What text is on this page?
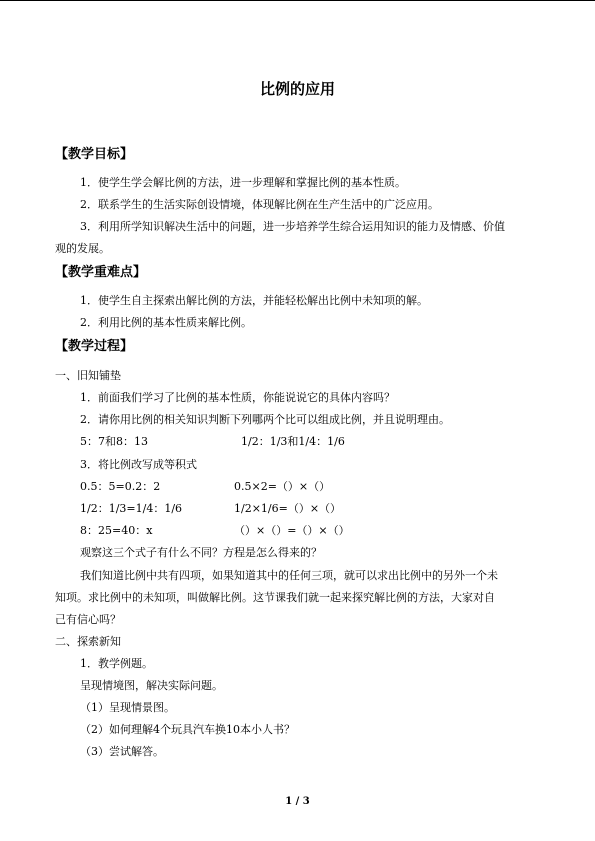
比例的应用
【教学目标】
1．使学生学会解比例的方法，进一步理解和掌握比例的基本性质。
2．联系学生的生活实际创设情境，体现解比例在生产生活中的广泛应用。
3．利用所学知识解决生活中的问题，进一步培养学生综合运用知识的能力及情感、价值
观的发展。
【教学重难点】
1．使学生自主探索出解比例的方法，并能轻松解出比例中未知项的解。
2．利用比例的基本性质来解比例。
【教学过程】
一、旧知铺垫
1．前面我们学习了比例的基本性质，你能说说它的具体内容吗？
2．请你用比例的相关知识判断下列哪两个比可以组成比例，并且说明理由。
5：7和8：13	1/2：1/3和1/4：1/6
3．将比例改写成等积式
0.5：5=0.2：2	0.5×2=（）×（）
1/2：1/3=1/4：1/6	1/2×1/6=（）×（）
8：25=40：x	（）×（）=（）×（）
观察这三个式子有什么不同？方程是怎么得来的？
我们知道比例中共有四项，如果知道其中的任何三项，就可以求出比例中的另外一个未
知项。求比例中的未知项，叫做解比例。这节课我们就一起来探究解比例的方法，大家对自
己有信心吗？
二、探索新知
1．教学例题。
呈现情境图，解决实际问题。
（1）呈现情景图。
（2）如何理解4个玩具汽车换10本小人书？
（3）尝试解答。
1 / 3
